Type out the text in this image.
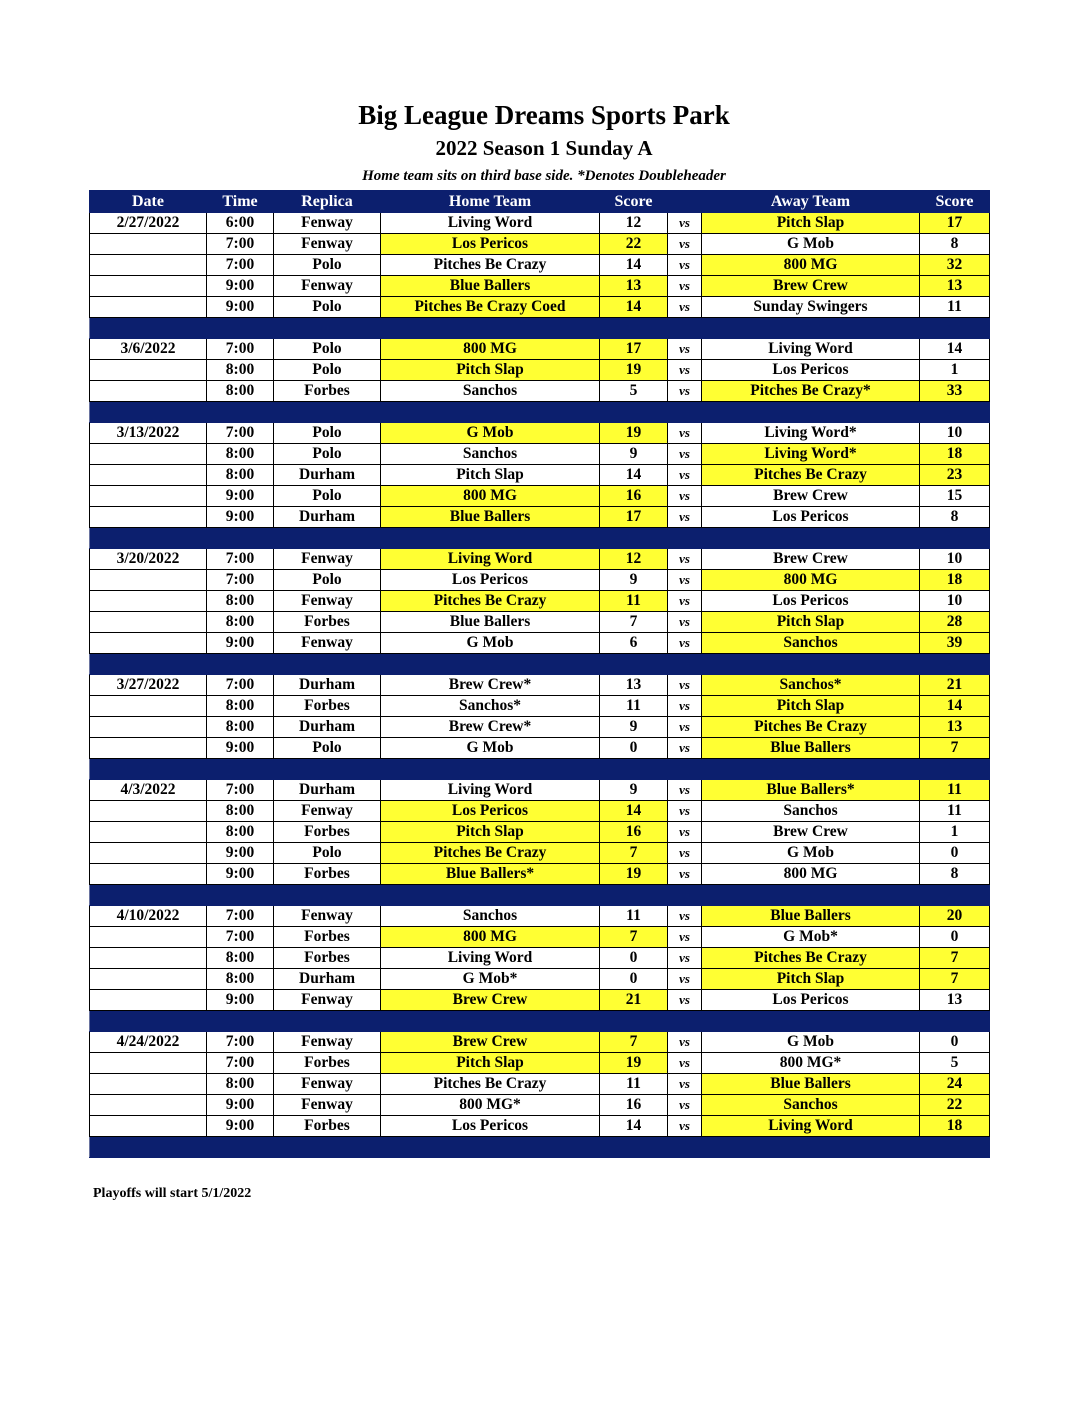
Big League Dreams Sports Park
2022 Season 1 Sunday A
Home team sits on third base side. *Denotes Doubleheader
Date	Time	Replica	Home Team	Score		Away Team	Score
2/27/2022	6:00	Fenway	Living Word	12	vs	Pitch Slap	17
	7:00	Fenway	Los Pericos	22	vs	G Mob	8
	7:00	Polo	Pitches Be Crazy	14	vs	800 MG	32
	9:00	Fenway	Blue Ballers	13	vs	Brew Crew	13
	9:00	Polo	Pitches Be Crazy Coed	14	vs	Sunday Swingers	11

3/6/2022	7:00	Polo	800 MG	17	vs	Living Word	14
	8:00	Polo	Pitch Slap	19	vs	Los Pericos	1
	8:00	Forbes	Sanchos	5	vs	Pitches Be Crazy*	33

3/13/2022	7:00	Polo	G Mob	19	vs	Living Word*	10
	8:00	Polo	Sanchos	9	vs	Living Word*	18
	8:00	Durham	Pitch Slap	14	vs	Pitches Be Crazy	23
	9:00	Polo	800 MG	16	vs	Brew Crew	15
	9:00	Durham	Blue Ballers	17	vs	Los Pericos	8

3/20/2022	7:00	Fenway	Living Word	12	vs	Brew Crew	10
	7:00	Polo	Los Pericos	9	vs	800 MG	18
	8:00	Fenway	Pitches Be Crazy	11	vs	Los Pericos	10
	8:00	Forbes	Blue Ballers	7	vs	Pitch Slap	28
	9:00	Fenway	G Mob	6	vs	Sanchos	39

3/27/2022	7:00	Durham	Brew Crew*	13	vs	Sanchos*	21
	8:00	Forbes	Sanchos*	11	vs	Pitch Slap	14
	8:00	Durham	Brew Crew*	9	vs	Pitches Be Crazy	13
	9:00	Polo	G Mob	0	vs	Blue Ballers	7

4/3/2022	7:00	Durham	Living Word	9	vs	Blue Ballers*	11
	8:00	Fenway	Los Pericos	14	vs	Sanchos	11
	8:00	Forbes	Pitch Slap	16	vs	Brew Crew	1
	9:00	Polo	Pitches Be Crazy	7	vs	G Mob	0
	9:00	Forbes	Blue Ballers*	19	vs	800 MG	8

4/10/2022	7:00	Fenway	Sanchos	11	vs	Blue Ballers	20
	7:00	Forbes	800 MG	7	vs	G Mob*	0
	8:00	Forbes	Living Word	0	vs	Pitches Be Crazy	7
	8:00	Durham	G Mob*	0	vs	Pitch Slap	7
	9:00	Fenway	Brew Crew	21	vs	Los Pericos	13

4/24/2022	7:00	Fenway	Brew Crew	7	vs	G Mob	0
	7:00	Forbes	Pitch Slap	19	vs	800 MG*	5
	8:00	Fenway	Pitches Be Crazy	11	vs	Blue Ballers	24
	9:00	Fenway	800 MG*	16	vs	Sanchos	22
	9:00	Forbes	Los Pericos	14	vs	Living Word	18

Playoffs will start 5/1/2022
